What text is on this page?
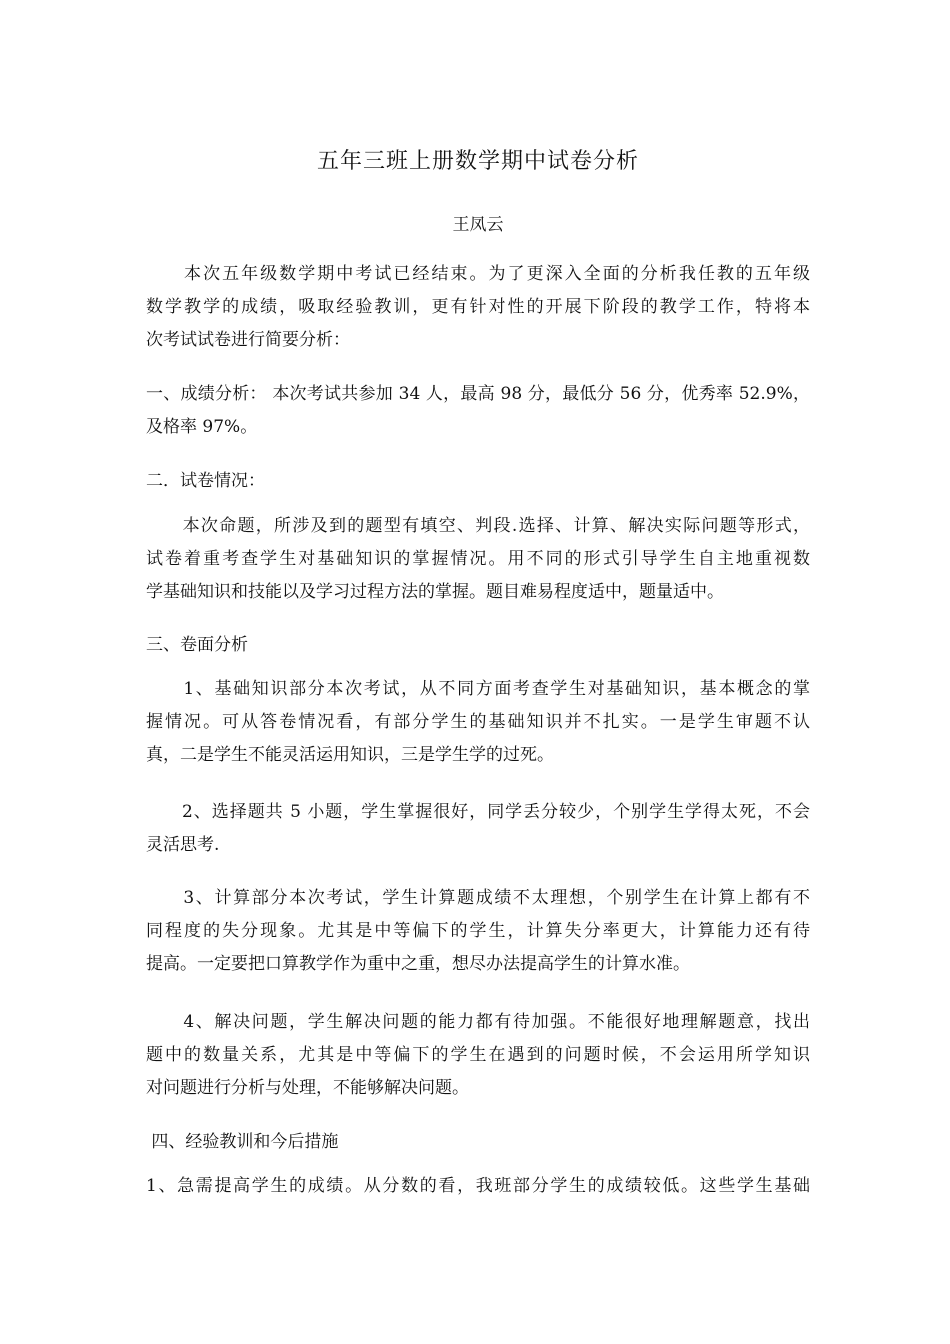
五年三班上册数学期中试卷分析
王凤云
　　本次五年级数学期中考试已经结束。为了更深入全面的分析我任教的五年级
数学教学的成绩，吸取经验教训，更有针对性的开展下阶段的教学工作，特将本
次考试试卷进行简要分析：
一、成绩分析： 本次考试共参加 34 人，最高 98 分，最低分 56 分，优秀率 52.9%，
及格率 97%。
二．试卷情况：
　　本次命题，所涉及到的题型有填空、判段.选择、计算、解决实际问题等形式，
试卷着重考查学生对基础知识的掌握情况。用不同的形式引导学生自主地重视数
学基础知识和技能以及学习过程方法的掌握。题目难易程度适中，题量适中。
三、卷面分析
　　1、基础知识部分本次考试，从不同方面考查学生对基础知识，基本概念的掌
握情况。可从答卷情况看，有部分学生的基础知识并不扎实。一是学生审题不认
真，二是学生不能灵活运用知识，三是学生学的过死。
　　2、选择题共 5 小题，学生掌握很好，同学丢分较少，个别学生学得太死，不会
灵活思考.
　　3、计算部分本次考试，学生计算题成绩不太理想，个别学生在计算上都有不
同程度的失分现象。尤其是中等偏下的学生，计算失分率更大，计算能力还有待
提高。一定要把口算教学作为重中之重，想尽办法提高学生的计算水准。
　　4、解决问题，学生解决问题的能力都有待加强。不能很好地理解题意，找出
题中的数量关系，尤其是中等偏下的学生在遇到的问题时候，不会运用所学知识
对问题进行分析与处理，不能够解决问题。
四、经验教训和今后措施
1、急需提高学生的成绩。从分数的看，我班部分学生的成绩较低。这些学生基础
